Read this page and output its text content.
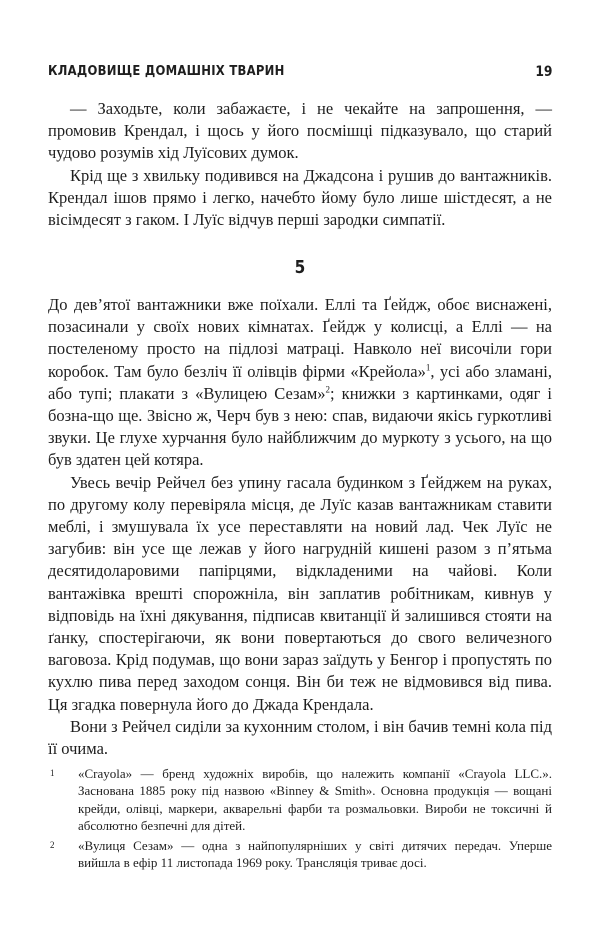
КЛАДОВИЩЕ ДОМАШНІХ ТВАРИН	19

— Заходьте, коли забажаєте, і не чекайте на запрошення, — промовив Крендал, і щось у його посмішці підказувало, що старий чудово розумів хід Луїсових думок.

Крід ще з хвильку подивився на Джадсона і рушив до вантажників. Крендал ішов прямо і легко, начебто йому було лише шістдесят, а не вісімдесят з гаком. І Луїс відчув перші зародки симпатії.

5

До дев’ятої вантажники вже поїхали. Еллі та Ґейдж, обоє виснажені, позасинали у своїх нових кімнатах. Ґейдж у колисці, а Еллі — на постеленому просто на підлозі матраці. Навколо неї височіли гори коробок. Там було безліч її олівців фірми «Крейола»$^1$, усі або зламані, або тупі; плакати з «Вулицею Сезам»$^2$; книжки з картинками, одяг і бозна-що ще. Звісно ж, Черч був з нею: спав, видаючи якісь гуркотливі звуки. Це глухе хурчання було найближчим до муркоту з усього, на що був здатен цей котяра.

Увесь вечір Рейчел без упину гасала будинком з Ґейджем на руках, по другому колу перевіряла місця, де Луїс казав вантажникам ставити меблі, і змушувала їх усе переставляти на новий лад. Чек Луїс не загубив: він усе ще лежав у його нагрудній кишені разом з п’ятьма десятидоларовими папірцями, відкладеними на чайові. Коли вантажівка врешті спорожніла, він заплатив робітникам, кивнув у відповідь на їхні дякування, підписав квитанції й залишився стояти на ґанку, спостерігаючи, як вони повертаються до свого величезного ваговоза. Крід подумав, що вони зараз заїдуть у Бенгор і пропустять по кухлю пива перед заходом сонця. Він би теж не відмовився від пива. Ця згадка повернула його до Джада Крендала.

Вони з Рейчел сиділи за кухонним столом, і він бачив темні кола під її очима.

1 «Crayola» — бренд художніх виробів, що належить компанії «Crayola LLC.». Заснована 1885 року під назвою «Binney & Smith». Основна продукція — вощані крейди, олівці, маркери, акварельні фарби та розмальовки. Вироби не токсичні й абсолютно безпечні для дітей.
2 «Вулиця Сезам» — одна з найпопулярніших у світі дитячих передач. Уперше вийшла в ефір 11 листопада 1969 року. Трансляція триває досі.
